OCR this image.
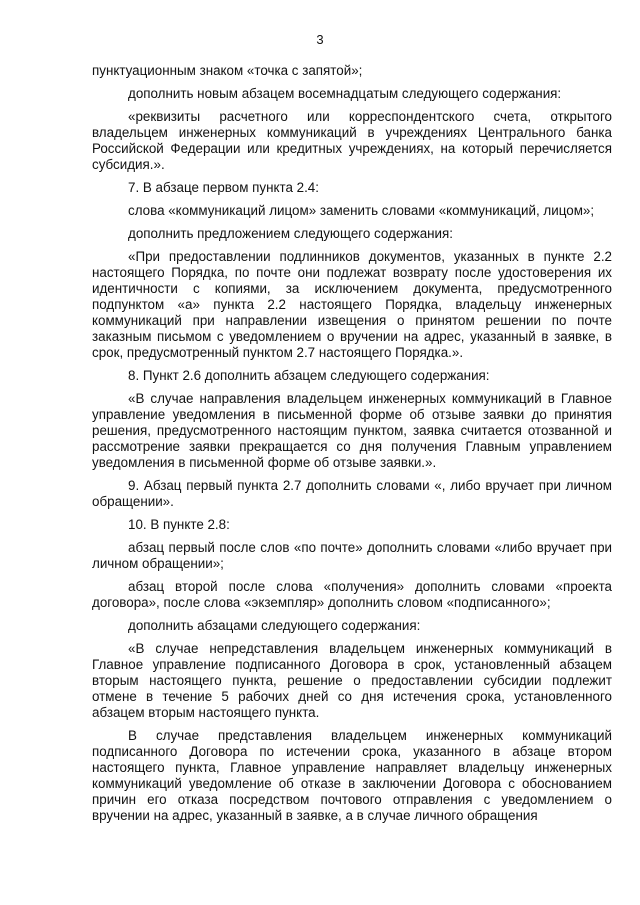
3

пунктуационным знаком «точка с запятой»;

дополнить новым абзацем восемнадцатым следующего содержания:

«реквизиты расчетного или корреспондентского счета, открытого владельцем инженерных коммуникаций в учреждениях Центрального банка Российской Федерации или кредитных учреждениях, на который перечисляется субсидия.».

7. В абзаце первом пункта 2.4:

слова «коммуникаций лицом» заменить словами «коммуникаций, лицом»;

дополнить предложением следующего содержания:

«При предоставлении подлинников документов, указанных в пункте 2.2 настоящего Порядка, по почте они подлежат возврату после удостоверения их идентичности с копиями, за исключением документа, предусмотренного подпунктом «а» пункта 2.2 настоящего Порядка, владельцу инженерных коммуникаций при направлении извещения о принятом решении по почте заказным письмом с уведомлением о вручении на адрес, указанный в заявке, в срок, предусмотренный пунктом 2.7 настоящего Порядка.».

8. Пункт 2.6 дополнить абзацем следующего содержания:

«В случае направления владельцем инженерных коммуникаций в Главное управление уведомления в письменной форме об отзыве заявки до принятия решения, предусмотренного настоящим пунктом, заявка считается отозванной и рассмотрение заявки прекращается со дня получения Главным управлением уведомления в письменной форме об отзыве заявки.».

9. Абзац первый пункта 2.7 дополнить словами «, либо вручает при личном обращении».

10. В пункте 2.8:

абзац первый после слов «по почте» дополнить словами «либо вручает при личном обращении»;

абзац второй после слова «получения» дополнить словами «проекта договора», после слова «экземпляр» дополнить словом «подписанного»;

дополнить абзацами следующего содержания:

«В случае непредставления владельцем инженерных коммуникаций в Главное управление подписанного Договора в срок, установленный абзацем вторым настоящего пункта, решение о предоставлении субсидии подлежит отмене в течение 5 рабочих дней со дня истечения срока, установленного абзацем вторым настоящего пункта.

В случае представления владельцем инженерных коммуникаций подписанного Договора по истечении срока, указанного в абзаце втором настоящего пункта, Главное управление направляет владельцу инженерных коммуникаций уведомление об отказе в заключении Договора с обоснованием причин его отказа посредством почтового отправления с уведомлением о вручении на адрес, указанный в заявке, а в случае личного обращения
